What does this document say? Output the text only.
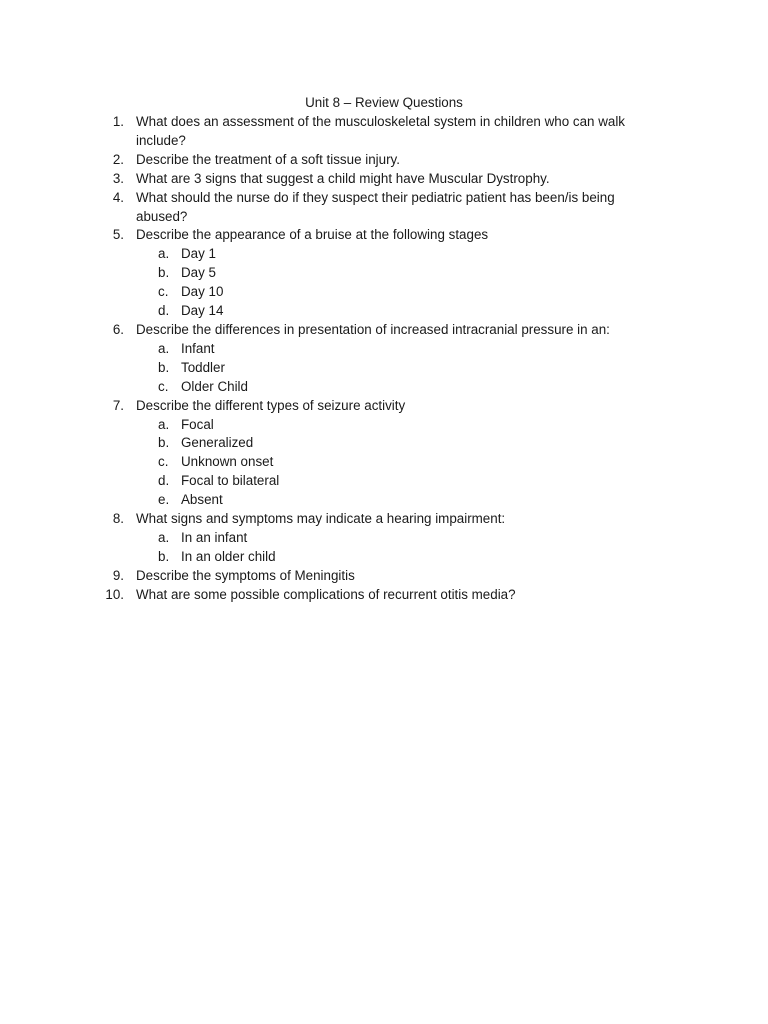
Unit 8 – Review Questions
1. What does an assessment of the musculoskeletal system in children who can walk include?
2. Describe the treatment of a soft tissue injury.
3. What are 3 signs that suggest a child might have Muscular Dystrophy.
4. What should the nurse do if they suspect their pediatric patient has been/is being abused?
5. Describe the appearance of a bruise at the following stages
a. Day 1
b. Day 5
c. Day 10
d. Day 14
6. Describe the differences in presentation of increased intracranial pressure in an:
a. Infant
b. Toddler
c. Older Child
7. Describe the different types of seizure activity
a. Focal
b. Generalized
c. Unknown onset
d. Focal to bilateral
e. Absent
8. What signs and symptoms may indicate a hearing impairment:
a. In an infant
b. In an older child
9. Describe the symptoms of Meningitis
10. What are some possible complications of recurrent otitis media?
